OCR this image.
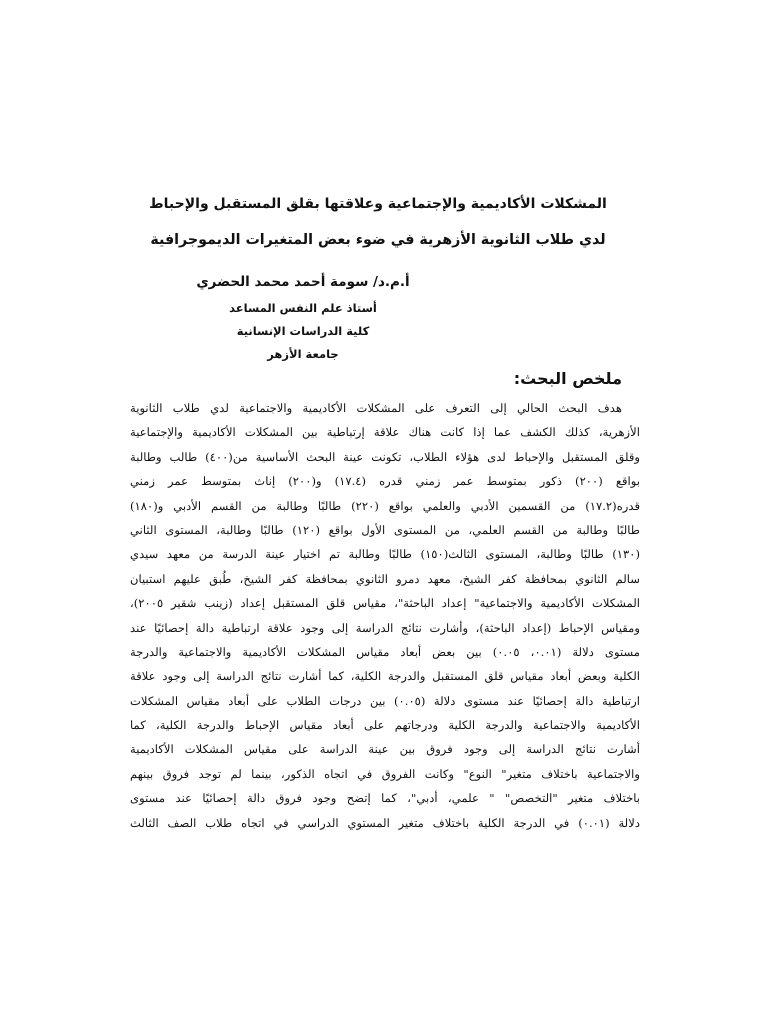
المشكلات الأكاديمية والإجتماعية وعلاقتها بقلق المستقبل والإحباط

لدي طلاب الثانوية الأزهرية في ضوء بعض المتغيرات الديموجرافية

أ.م.د/ سومة أحمد محمد الحضري

أستاذ علم النفس المساعد

كلية الدراسات الإنسانية

جامعة الأزهر

ملخص البحث:

هدف البحث الحالي إلى التعرف على المشكلات الأكاديمية والاجتماعية لدي طلاب الثانوية
الأزهرية، كذلك الكشف عما إذا كانت هناك علاقة إرتباطية بين المشكلات الأكاديمية والإجتماعية
وقلق المستقبل والإحباط لدى هؤلاء الطلاب، تكونت عينة البحث الأساسية من(٤٠٠) طالب وطالبة
بواقع (٢٠٠) ذكور بمتوسط عمر زمني قدره (١٧.٤) و(٢٠٠) إناث بمتوسط عمر زمني
قدره(١٧.٢) من القسمين الأدبي والعلمي بواقع (٢٢٠) طالبًا وطالبة من القسم الأدبي و(١٨٠)
طالبًا وطالبة من القسم العلمي، من المستوى الأول بواقع (١٢٠) طالبًا وطالبة، المستوى الثاني
(١٣٠) طالبًا وطالبة، المستوى الثالث(١٥٠) طالبًا وطالبة تم اختيار عينة الدرسة من معهد سيدي
سالم الثانوي بمحافظة كفر الشيخ، معهد دمرو الثانوي بمحافظة كفر الشيخ، طُبق عليهم استبيان
المشكلات الأكاديمية والاجتماعية" إعداد الباحثة"، مقياس قلق المستقبل إعداد (زينب شقير ٢٠٠٥)،
ومقياس الإحباط (إعداد الباحثة)، وأشارت نتائج الدراسة إلى وجود علاقة ارتباطية دالة إحصائيًا عند
مستوى دلالة (٠.٠١، ٠.٠٥) بين بعض أبعاد مقياس المشكلات الأكاديمية والاجتماعية والدرجة
الكلية وبعض أبعاد مقياس قلق المستقبل والدرجة الكلية، كما أشارت نتائج الدراسة إلى وجود علاقة
ارتباطية دالة إحصائيًا عند مستوى دلالة (٠.٠٥) بين درجات الطلاب على أبعاد مقياس المشكلات
الأكاديمية والاجتماعية والدرجة الكلية ودرجاتهم على أبعاد مقياس الإحباط والدرجة الكلية، كما
أشارت نتائج الدراسة إلى وجود فروق بين عينة الدراسة على مقياس المشكلات الأكاديمية
والاجتماعية باختلاف متغير" النوع" وكانت الفروق في اتجاه الذكور، بينما لم توجد فروق بينهم
باختلاف متغير "التخصص" " علمي، أدبي"، كما إتضح وجود فروق دالة إحصائيًا عند مستوى
دلالة (٠.٠١) في الدرجة الكلية باختلاف متغير المستوي الدراسي في اتجاه طلاب الصف الثالث
